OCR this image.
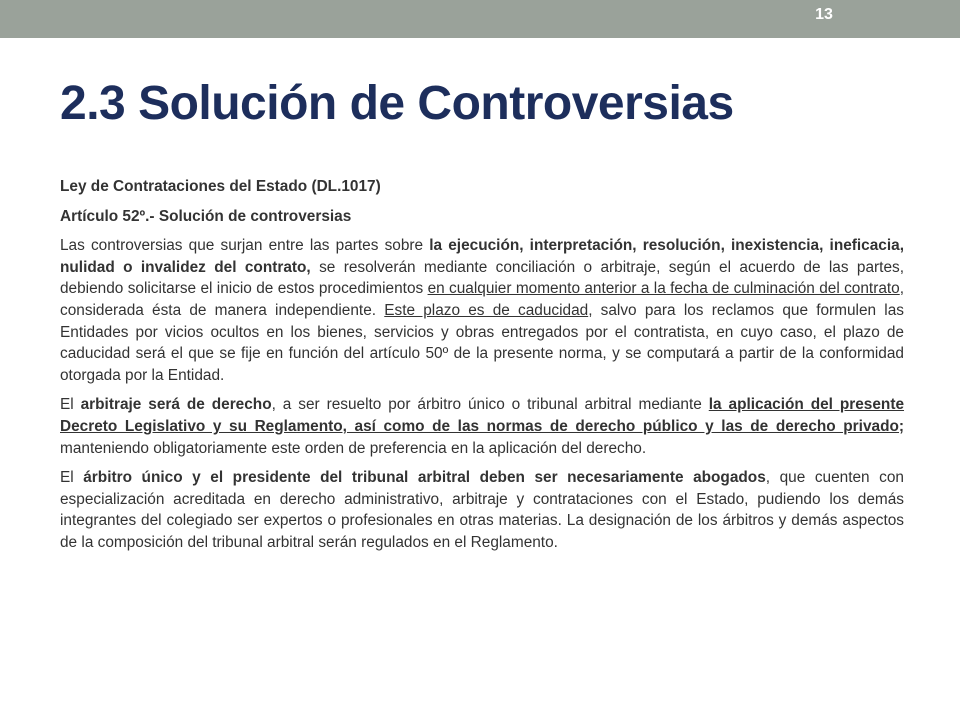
13
2.3 Solución de Controversias

Ley de Contrataciones del Estado (DL.1017)

Artículo 52º.- Solución de controversias

Las controversias que surjan entre las partes sobre la ejecución, interpretación, resolución, inexistencia, ineficacia, nulidad o invalidez del contrato, se resolverán mediante conciliación o arbitraje, según el acuerdo de las partes, debiendo solicitarse el inicio de estos procedimientos en cualquier momento anterior a la fecha de culminación del contrato, considerada ésta de manera independiente. Este plazo es de caducidad, salvo para los reclamos que formulen las Entidades por vicios ocultos en los bienes, servicios y obras entregados por el contratista, en cuyo caso, el plazo de caducidad será el que se fije en función del artículo 50º de la presente norma, y se computará a partir de la conformidad otorgada por la Entidad.

El arbitraje será de derecho, a ser resuelto por árbitro único o tribunal arbitral mediante la aplicación del presente Decreto Legislativo y su Reglamento, así como de las normas de derecho público y las de derecho privado; manteniendo obligatoriamente este orden de preferencia en la aplicación del derecho.

El árbitro único y el presidente del tribunal arbitral deben ser necesariamente abogados, que cuenten con especialización acreditada en derecho administrativo, arbitraje y contrataciones con el Estado, pudiendo los demás integrantes del colegiado ser expertos o profesionales en otras materias. La designación de los árbitros y demás aspectos de la composición del tribunal arbitral serán regulados en el Reglamento.
